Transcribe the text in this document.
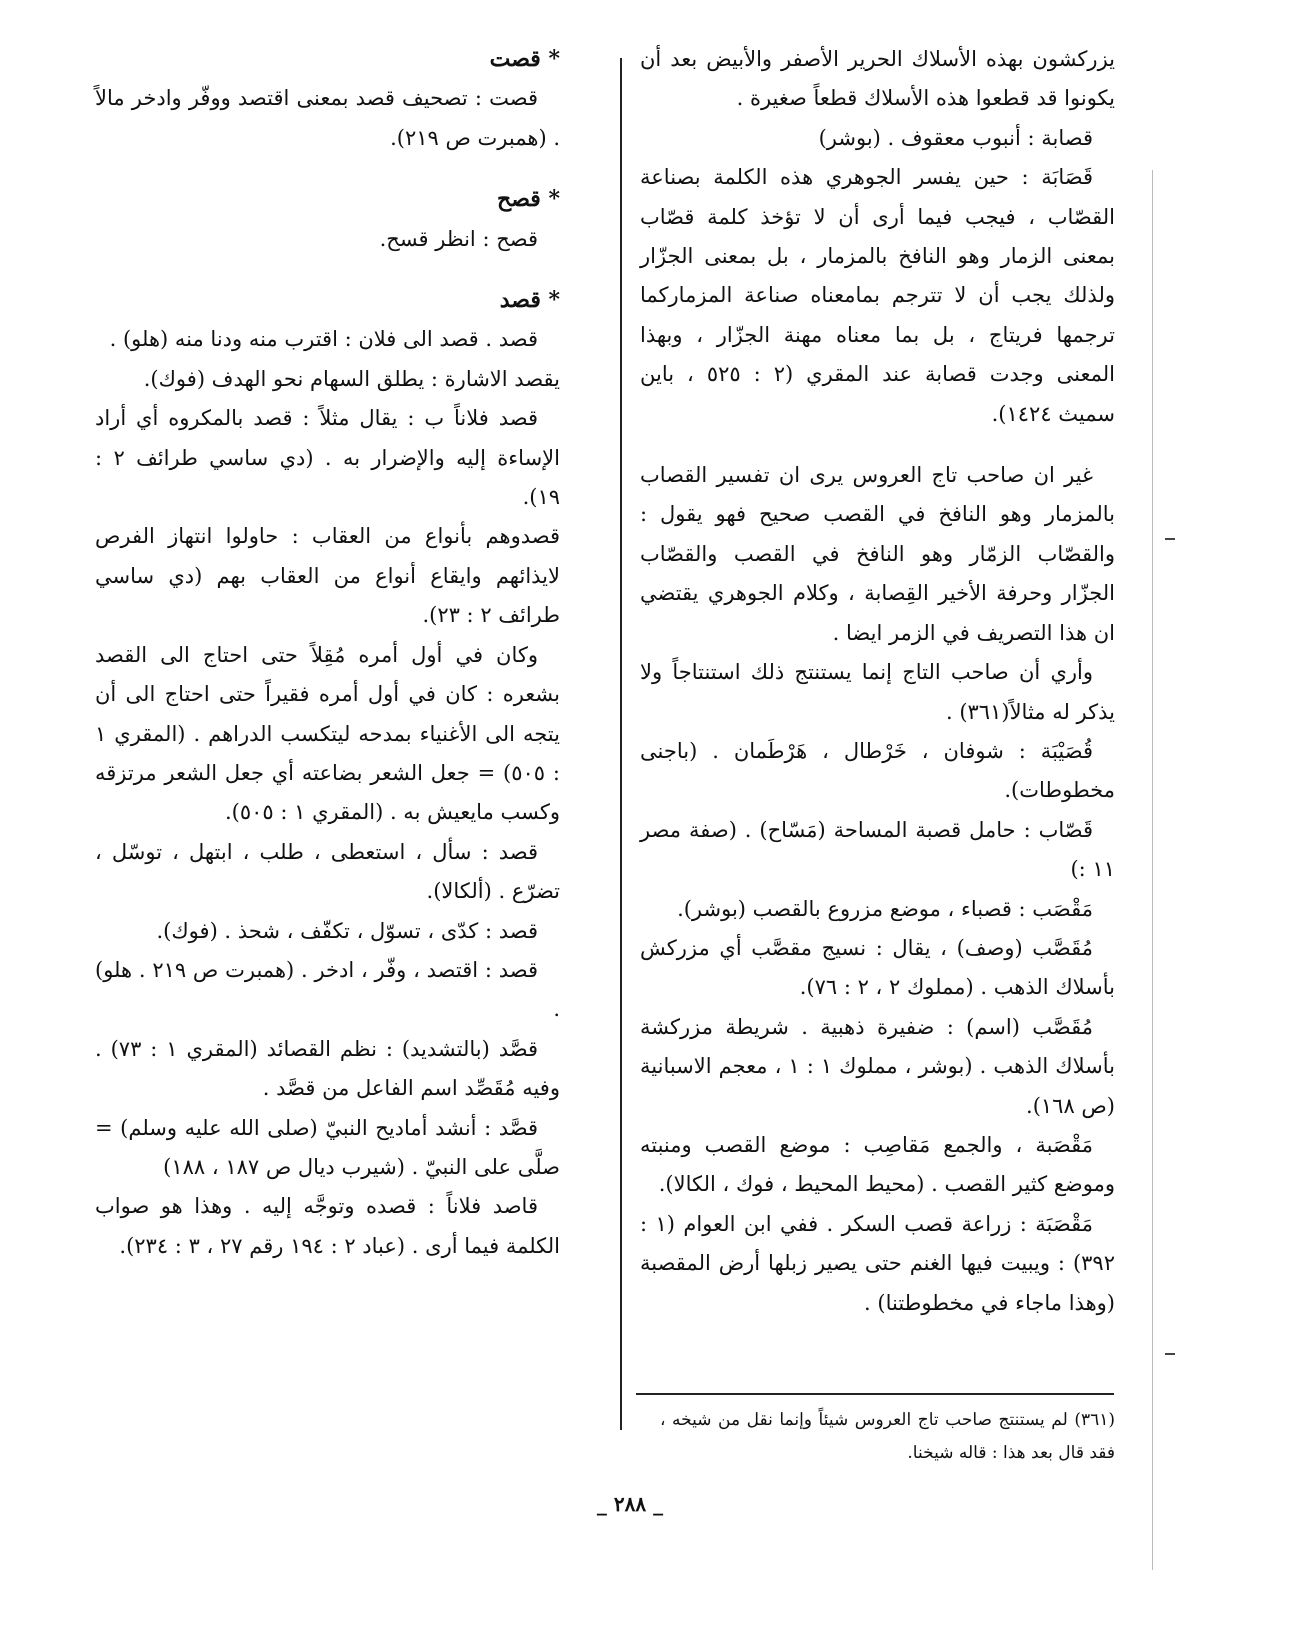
يزركشون بهذه الأسلاك الحرير الأصفر والأبيض بعد أن يكونوا قد قطعوا هذه الأسلاك قطعاً صغيرة .

قصابة : أنبوب معقوف . (بوشر)

قَصَابَة : حين يفسر الجوهري هذه الكلمة بصناعة القصّاب ، فيجب فيما أرى أن لا تؤخذ كلمة قصّاب بمعنى الزمار وهو النافخ بالمزمار ، بل بمعنى الجزّار ولذلك يجب أن لا تترجم بمامعناه صناعة المزماركما ترجمها فريتاج ، بل بما معناه مهنة الجزّار ، وبهذا المعنى وجدت قصابة عند المقري (٢ : ٥٢٥ ، باين سميث ١٤٢٤).

غير ان صاحب تاج العروس يرى ان تفسير القصاب بالمزمار وهو النافخ في القصب صحيح فهو يقول : والقصّاب الزمّار وهو النافخ في القصب والقصّاب الجزّار وحرفة الأخير القِصابة ، وكلام الجوهري يقتضي ان هذا التصريف في الزمر ايضا .

وأري أن صاحب التاج إنما يستنتج ذلك استنتاجاً ولا يذكر له مثالاً(٣٦١) .

قُصَيْبَة : شوفان ، خَرْطال ، هَرْطَمان . (باجنى مخطوطات).

قَصّاب : حامل قصبة المساحة (مَسّاح) . (صفة مصر ١١ :)

مَقْصَب : قصباء ، موضع مزروع بالقصب (بوشر).

مُقَصَّب (وصف) ، يقال : نسيج مقصَّب أي مزركش بأسلاك الذهب . (مملوك ٢ ، ٢ : ٧٦).

مُقَصَّب (اسم) : ضفيرة ذهبية . شريطة مزركشة بأسلاك الذهب . (بوشر ، مملوك ١ : ١ ، معجم الاسبانية (ص ١٦٨).

مَقْصَبة ، والجمع مَقاصِب : موضع القصب ومنبته وموضع كثير القصب . (محيط المحيط ، فوك ، الكالا).

مَقْصَبَة : زراعة قصب السكر . ففي ابن العوام (١ : ٣٩٢) : ويبيت فيها الغنم حتى يصير زبلها أرض المقصبة (وهذا ماجاء في مخطوطتنا) .

* قصت

قصت : تصحيف قصد بمعنى اقتصد ووفّر وادخر مالاً . (همبرت ص ٢١٩).

* قصح

قصح : انظر قسح.

* قصد

قصد . قصد الى فلان : اقترب منه ودنا منه (هلو) .

يقصد الاشارة : يطلق السهام نحو الهدف (فوك).

قصد فلاناً ب : يقال مثلاً : قصد بالمكروه أي أراد الإساءة إليه والإضرار به . (دي ساسي طرائف ٢ : ١٩).

قصدوهم بأنواع من العقاب : حاولوا انتهاز الفرص لايذائهم وايقاع أنواع من العقاب بهم (دي ساسي طرائف ٢ : ٢٣).

وكان في أول أمره مُقِلاً حتى احتاج الى القصد بشعره : كان في أول أمره فقيراً حتى احتاج الى أن يتجه الى الأغنياء بمدحه ليتكسب الدراهم . (المقري ١ : ٥٠٥) = جعل الشعر بضاعته أي جعل الشعر مرتزقه وكسب مايعيش به . (المقري ١ : ٥٠٥).

قصد : سأل ، استعطى ، طلب ، ابتهل ، توسّل ، تضرّع . (ألكالا).

قصد : كدّى ، تسوّل ، تكفّف ، شحذ . (فوك).

قصد : اقتصد ، وفّر ، ادخر . (همبرت ص ٢١٩ . هلو) .

قصَّد (بالتشديد) : نظم القصائد (المقري ١ : ٧٣) . وفيه مُقَصِّد اسم الفاعل من قصَّد .

قصَّد : أنشد أماديح النبيّ (صلى الله عليه وسلم) = صلَّى على النبيّ . (شيرب ديال ص ١٨٧ ، ١٨٨)

قاصد فلاناً : قصده وتوجَّه إليه . وهذا هو صواب الكلمة فيما أرى . (عباد ٢ : ١٩٤ رقم ٢٧ ، ٣ : ٢٣٤).

(٣٦١) لم يستنتج صاحب تاج العروس شيئاً وإنما نقل من شيخه ، فقد قال بعد هذا : قاله شيخنا.

_ ٢٨٨ _
